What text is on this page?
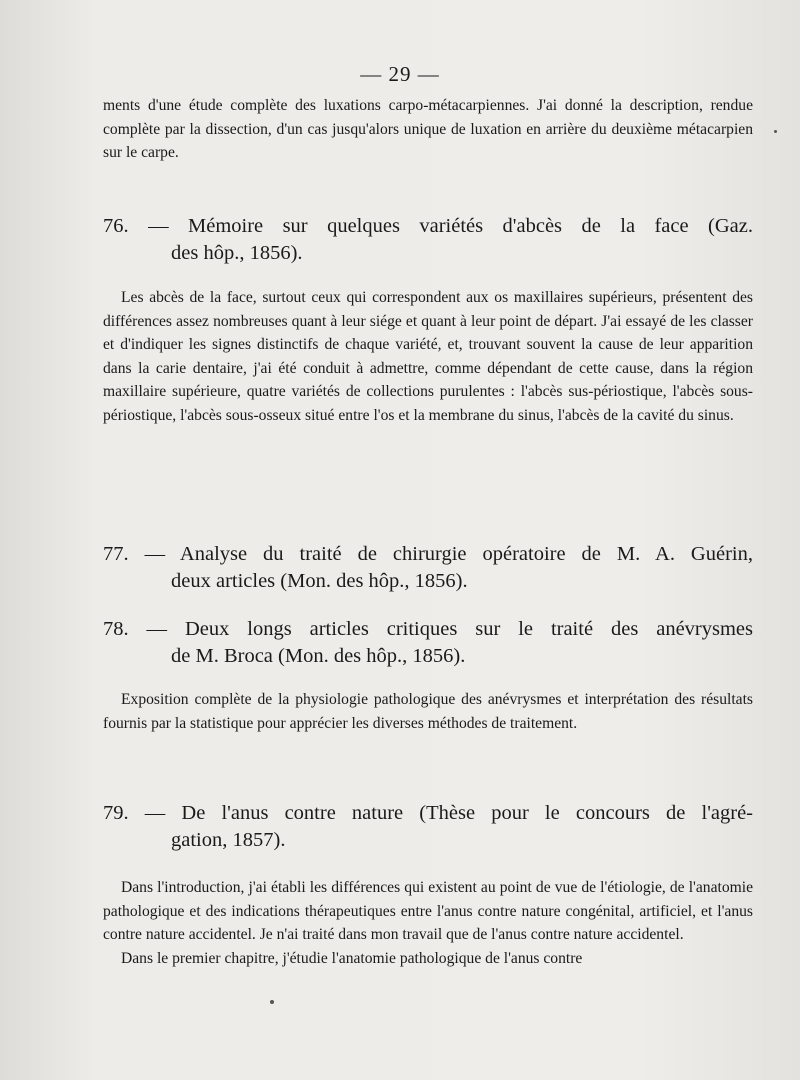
— 29 —

ments d'une étude complète des luxations carpo-métacarpiennes. J'ai donné la description, rendue complète par la dissection, d'un cas jusqu'alors unique de luxation en arrière du deuxième métacarpien sur le carpe.

76. — Mémoire sur quelques variétés d'abcès de la face (Gaz.
des hôp., 1856).

Les abcès de la face, surtout ceux qui correspondent aux os maxillaires supérieurs, présentent des différences assez nombreuses quant à leur siége et quant à leur point de départ. J'ai essayé de les classer et d'indiquer les signes distinctifs de chaque variété, et, trouvant souvent la cause de leur apparition dans la carie dentaire, j'ai été conduit à admettre, comme dépendant de cette cause, dans la région maxillaire supérieure, quatre variétés de collections purulentes : l'abcès sus-périostique, l'abcès sous-périostique, l'abcès sous-osseux situé entre l'os et la membrane du sinus, l'abcès de la cavité du sinus.

77. — Analyse du traité de chirurgie opératoire de M. A. Guérin,
deux articles (Mon. des hôp., 1856).
78. — Deux longs articles critiques sur le traité des anévrysmes
de M. Broca (Mon. des hôp., 1856).

Exposition complète de la physiologie pathologique des anévrysmes et interprétation des résultats fournis par la statistique pour apprécier les diverses méthodes de traitement.

79. — De l'anus contre nature (Thèse pour le concours de l'agré-
gation, 1857).

Dans l'introduction, j'ai établi les différences qui existent au point de vue de l'étiologie, de l'anatomie pathologique et des indications thérapeutiques entre l'anus contre nature congénital, artificiel, et l'anus contre nature accidentel. Je n'ai traité dans mon travail que de l'anus contre nature accidentel.

Dans le premier chapitre, j'étudie l'anatomie pathologique de l'anus contre
